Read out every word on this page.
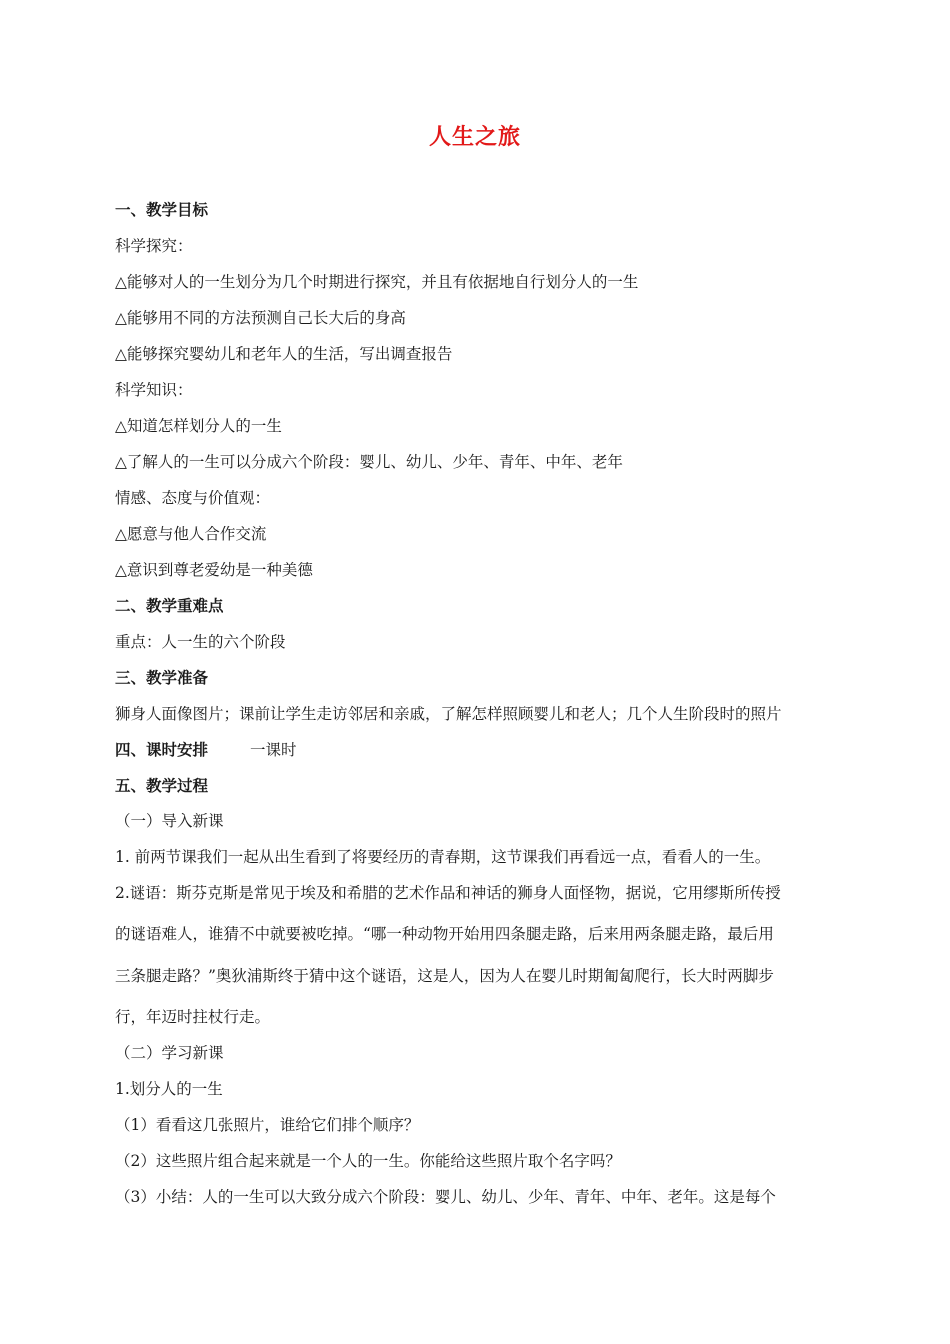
人生之旅
一、教学目标
科学探究：
△能够对人的一生划分为几个时期进行探究，并且有依据地自行划分人的一生
△能够用不同的方法预测自己长大后的身高
△能够探究婴幼儿和老年人的生活，写出调查报告
科学知识：
△知道怎样划分人的一生
△了解人的一生可以分成六个阶段：婴儿、幼儿、少年、青年、中年、老年
情感、态度与价值观：
△愿意与他人合作交流
△意识到尊老爱幼是一种美德
二、教学重难点
重点：人一生的六个阶段
三、教学准备
狮身人面像图片；课前让学生走访邻居和亲戚，了解怎样照顾婴儿和老人；几个人生阶段时的照片
四、课时安排	一课时
五、教学过程
（一）导入新课
1. 前两节课我们一起从出生看到了将要经历的青春期，这节课我们再看远一点，看看人的一生。
2.谜语：斯芬克斯是常见于埃及和希腊的艺术作品和神话的狮身人面怪物，据说，它用缪斯所传授
的谜语难人，谁猜不中就要被吃掉。“哪一种动物开始用四条腿走路，后来用两条腿走路，最后用
三条腿走路？”奥狄浦斯终于猜中这个谜语，这是人，因为人在婴儿时期匍匐爬行，长大时两脚步
行，年迈时拄杖行走。
（二）学习新课
1.划分人的一生
（1）看看这几张照片，谁给它们排个顺序？
（2）这些照片组合起来就是一个人的一生。你能给这些照片取个名字吗？
（3）小结：人的一生可以大致分成六个阶段：婴儿、幼儿、少年、青年、中年、老年。这是每个
